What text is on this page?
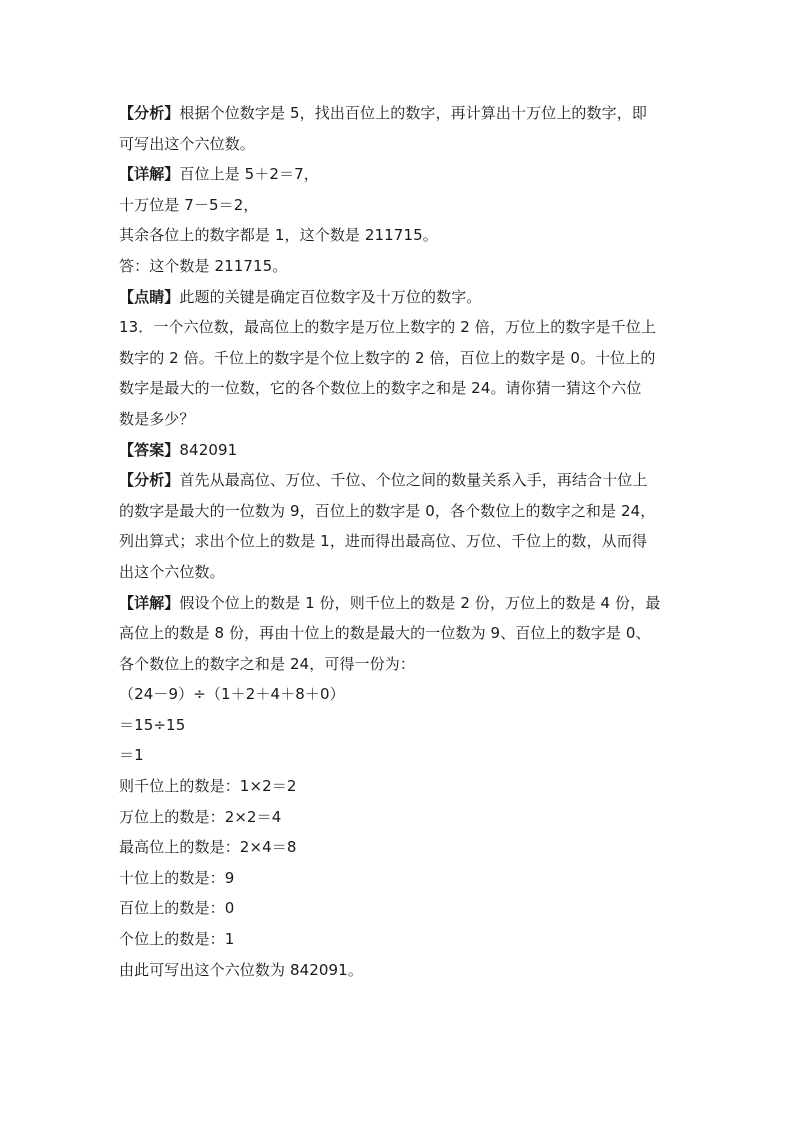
【分析】根据个位数字是 5，找出百位上的数字，再计算出十万位上的数字，即
可写出这个六位数。
【详解】百位上是 5＋2＝7，
十万位是 7－5＝2，
其余各位上的数字都是 1，这个数是 211715。
答：这个数是 211715。
【点睛】此题的关键是确定百位数字及十万位的数字。
13．一个六位数，最高位上的数字是万位上数字的 2 倍，万位上的数字是千位上
数字的 2 倍。千位上的数字是个位上数字的 2 倍，百位上的数字是 0。十位上的
数字是最大的一位数，它的各个数位上的数字之和是 24。请你猜一猜这个六位
数是多少？
【答案】842091
【分析】首先从最高位、万位、千位、个位之间的数量关系入手，再结合十位上
的数字是最大的一位数为 9，百位上的数字是 0，各个数位上的数字之和是 24，
列出算式；求出个位上的数是 1，进而得出最高位、万位、千位上的数，从而得
出这个六位数。
【详解】假设个位上的数是 1 份，则千位上的数是 2 份，万位上的数是 4 份，最
高位上的数是 8 份，再由十位上的数是最大的一位数为 9、百位上的数字是 0、
各个数位上的数字之和是 24，可得一份为：
（24－9）÷（1＋2＋4＋8＋0）
＝15÷15
＝1
则千位上的数是：1×2＝2
万位上的数是：2×2＝4
最高位上的数是：2×4＝8
十位上的数是：9
百位上的数是：0
个位上的数是：1
由此可写出这个六位数为 842091。
